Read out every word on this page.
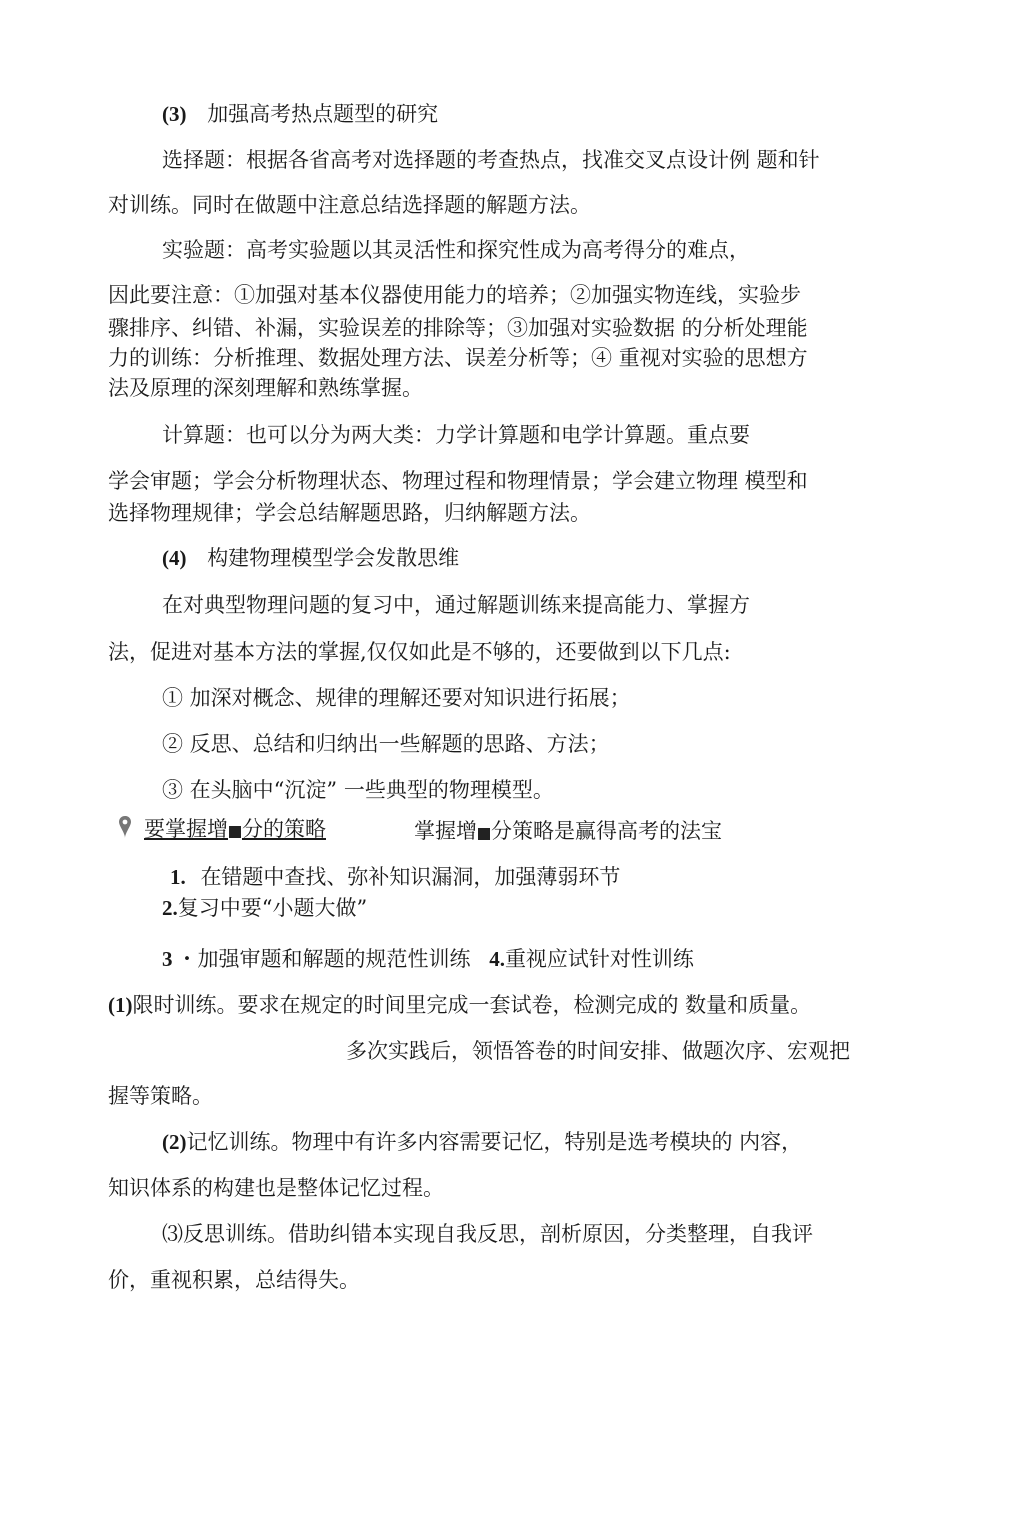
(3) 加强高考热点题型的研究
选择题：根据各省高考对选择题的考查热点，找准交叉点设计例 题和针
对训练。同时在做题中注意总结选择题的解题方法。
实验题：高考实验题以其灵活性和探究性成为高考得分的难点，
因此要注意：①加强对基本仪器使用能力的培养；②加强实物连线，实验步
骤排序、纠错、补漏，实验误差的排除等；③加强对实验数据 的分析处理能
力的训练：分析推理、数据处理方法、误差分析等；④ 重视对实验的思想方
法及原理的深刻理解和熟练掌握。
计算题：也可以分为两大类：力学计算题和电学计算题。重点要
学会审题；学会分析物理状态、物理过程和物理情景；学会建立物理 模型和
选择物理规律；学会总结解题思路，归纳解题方法。
(4) 构建物理模型学会发散思维
在对典型物理问题的复习中，通过解题训练来提高能力、掌握方
法，促进对基本方法的掌握,仅仅如此是不够的，还要做到以下几点:
① 加深对概念、规律的理解还要对知识进行拓展；
② 反思、总结和归纳出一些解题的思路、方法；
③ 在头脑中“沉淀” 一些典型的物理模型。
要掌握增 分的策略	掌握增 分策略是赢得高考的法宝
1. 在错题中查找、弥补知识漏洞，加强薄弱环节
2.复习中要“小题大做”
3 ・加强审题和解题的规范性训练 4.重视应试针对性训练
(1)限时训练。要求在规定的时间里完成一套试卷，检测完成的 数量和质量。
多次实践后，领悟答卷的时间安排、做题次序、宏观把
握等策略。
(2)记忆训练。物理中有许多内容需要记忆，特别是选考模块的 内容，
知识体系的构建也是整体记忆过程。
⑶反思训练。借助纠错本实现自我反思，剖析原因，分类整理，自我评
价，重视积累，总结得失。
